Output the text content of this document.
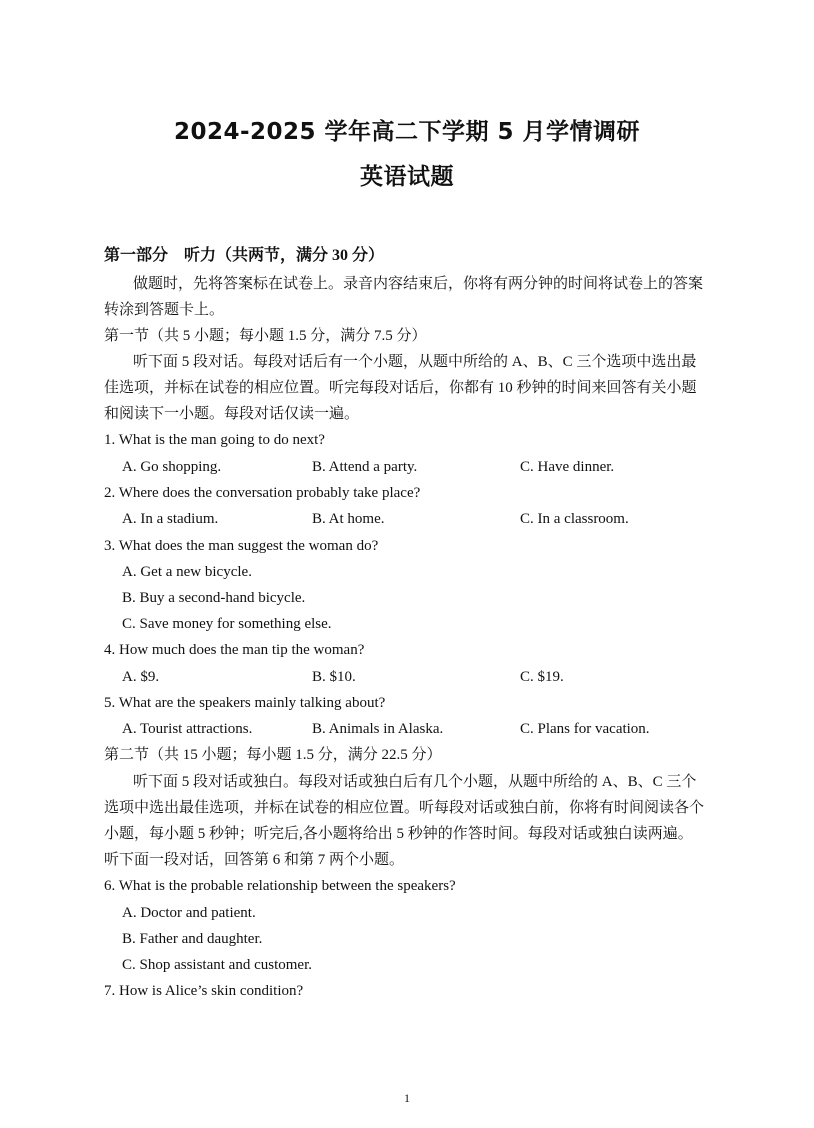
2024-2025 学年高二下学期 5 月学情调研
英语试题
第一部分　听力（共两节，满分 30 分）
做题时，先将答案标在试卷上。录音内容结束后，你将有两分钟的时间将试卷上的答案
转涂到答题卡上。
第一节（共 5 小题；每小题 1.5 分，满分 7.5 分）
听下面 5 段对话。每段对话后有一个小题，从题中所给的 A、B、C 三个选项中选出最
佳选项，并标在试卷的相应位置。听完每段对话后，你都有 10 秒钟的时间来回答有关小题
和阅读下一小题。每段对话仅读一遍。
1. What is the man going to do next?
A. Go shopping.	B. Attend a party.	C. Have dinner.
2. Where does the conversation probably take place?
A. In a stadium.	B. At home.	C. In a classroom.
3. What does the man suggest the woman do?
A. Get a new bicycle.
B. Buy a second-hand bicycle.
C. Save money for something else.
4. How much does the man tip the woman?
A. $9.	B. $10.	C. $19.
5. What are the speakers mainly talking about?
A. Tourist attractions.	B. Animals in Alaska.	C. Plans for vacation.
第二节（共 15 小题；每小题 1.5 分，满分 22.5 分）
听下面 5 段对话或独白。每段对话或独白后有几个小题，从题中所给的 A、B、C 三个
选项中选出最佳选项，并标在试卷的相应位置。听每段对话或独白前，你将有时间阅读各个
小题，每小题 5 秒钟；听完后,各小题将给出 5 秒钟的作答时间。每段对话或独白读两遍。
听下面一段对话，回答第 6 和第 7 两个小题。
6. What is the probable relationship between the speakers?
A. Doctor and patient.
B. Father and daughter.
C. Shop assistant and customer.
7. How is Alice’s skin condition?
1
